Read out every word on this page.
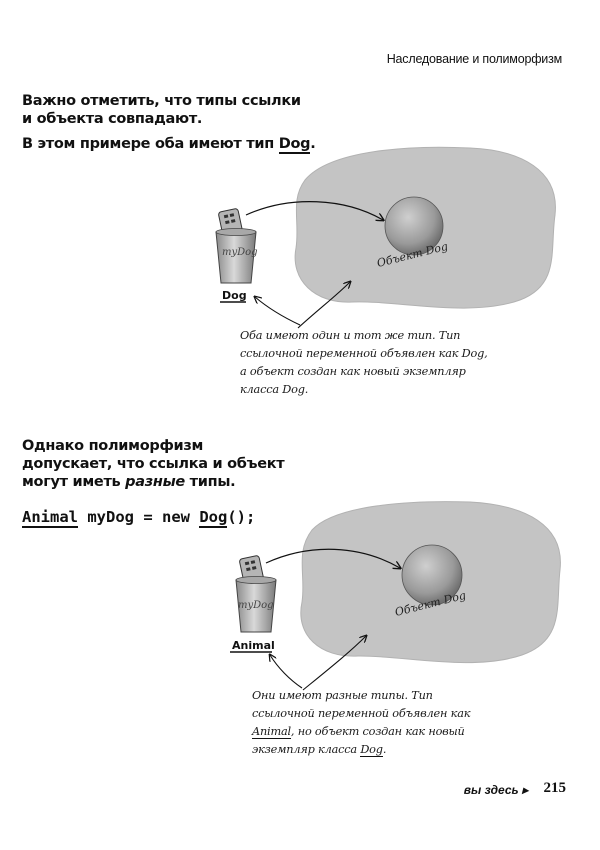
Наследование и полиморфизм
Важно отметить, что типы ссылки
и объекта совпадают.
В этом примере оба имеют тип Dog.
Объект Dog
myDog
Dog
Объект Dog
myDog
Animal
Оба имеют один и тот же тип. Тип
ссылочной переменной объявлен как Dog,
а объект создан как новый экземпляр
класса Dog.
Однако полиморфизм
допускает, что ссылка и объект
могут иметь разные типы.
Animal myDog = new Dog();
Они имеют разные типы. Тип
ссылочной переменной объявлен как
Animal, но объект создан как новый
экземпляр класса Dog.
вы здесь ▸ 215
